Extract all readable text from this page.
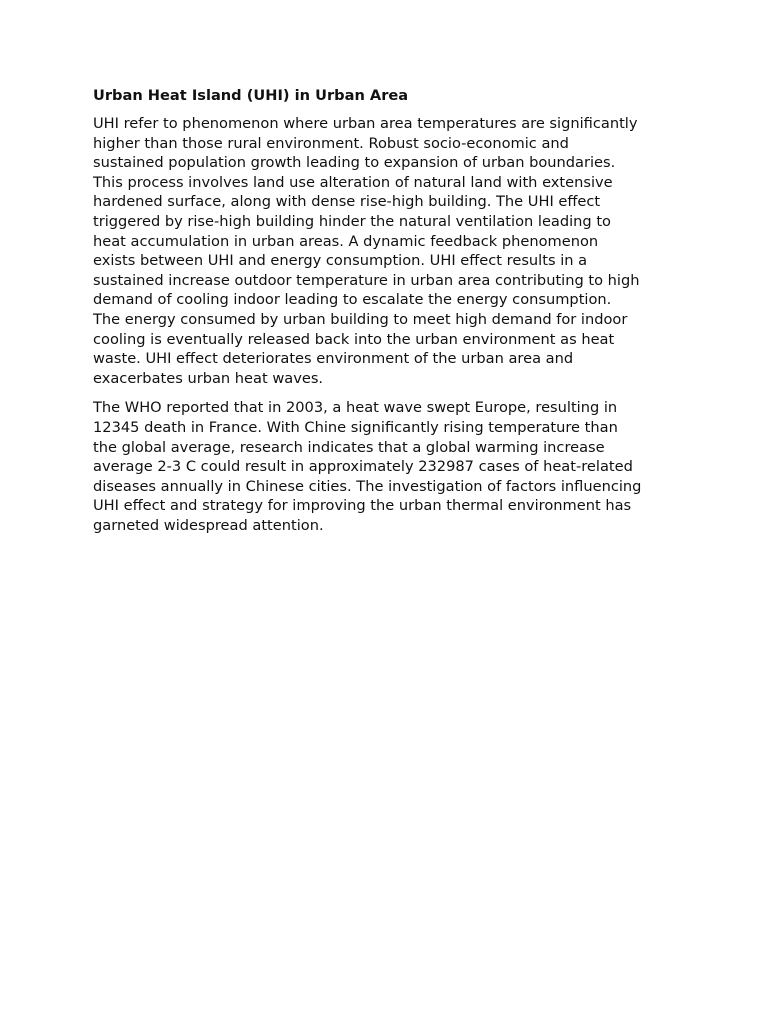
Urban Heat Island (UHI) in Urban Area

UHI refer to phenomenon where urban area temperatures are significantly
higher than those rural environment. Robust socio-economic and
sustained population growth leading to expansion of urban boundaries.
This process involves land use alteration of natural land with extensive
hardened surface, along with dense rise-high building. The UHI effect
triggered by rise-high building hinder the natural ventilation leading to
heat accumulation in urban areas. A dynamic feedback phenomenon
exists between UHI and energy consumption. UHI effect results in a
sustained increase outdoor temperature in urban area contributing to high
demand of cooling indoor leading to escalate the energy consumption.
The energy consumed by urban building to meet high demand for indoor
cooling is eventually released back into the urban environment as heat
waste. UHI effect deteriorates environment of the urban area and
exacerbates urban heat waves.

The WHO reported that in 2003, a heat wave swept Europe, resulting in
12345 death in France. With Chine significantly rising temperature than
the global average, research indicates that a global warming increase
average 2-3 C could result in approximately 232987 cases of heat-related
diseases annually in Chinese cities. The investigation of factors influencing
UHI effect and strategy for improving the urban thermal environment has
garneted widespread attention.
